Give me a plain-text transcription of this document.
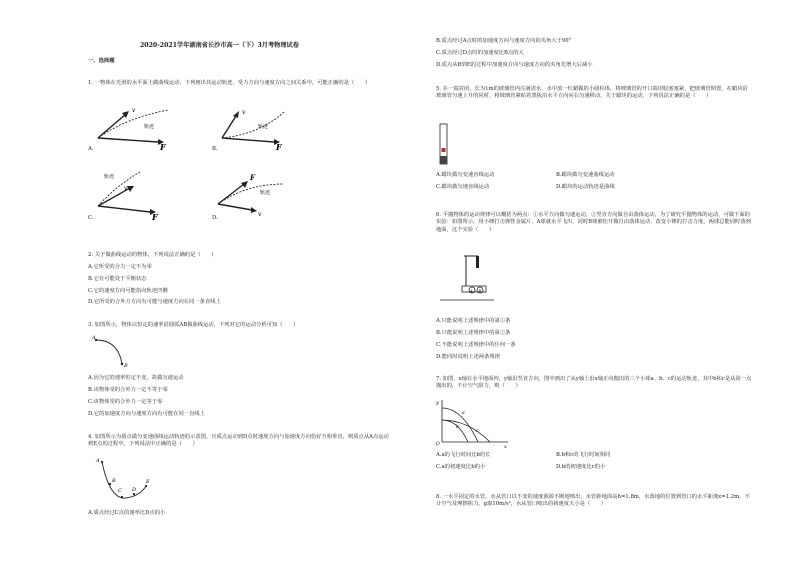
2020-2021学年湖南省长沙市高一（下）3月考物理试卷
一、选择题
1. 一物体在光滑的水平面上做曲线运动，下列画出其运动轨迹、受力方向与速度方向之间关系中，可能正确的是（　　）
v
轨迹
F
A.
v
轨迹
F
B.
轨迹
v
F
C.
F
轨迹
v
D.
2. 关于做曲线运动的物体，下列说法正确的是（　　）
A.它所受的合力一定不为零
B.它有可能处于平衡状态
C.它的速度方向可能指向轨迹凹侧
D.它所受的合外力方向有可能与速度方向在同一条直线上
3. 如图所示，物体以恒定的速率沿圆弧AB做曲线运动，下列对它的运动分析可知（　　）
A
B
A.因为它的速率恒定不变，故做匀速运动
B.该物体受的合外力一定不等于零
C.该物体受的合外力一定等于零
D.它的加速度方向与速度方向有可能在同一直线上
4. 如图所示为质点做匀变速曲线运动轨迹的示意图，且质点运动到D点时速度方向与加速度方向恰好互相垂直，则质点从A点运动到E点的过程中，下列说法中正确的是（　　）
A
B
C D
E
A.质点经过C点的速率比D点的小
B.质点经过A点时的加速度方向与速度方向的夹角大于90°
C.质点经过D点时的加速度比B点的大
D.质点从B到E的过程中加速度方向与速度方向的夹角先增大后减小
5. 在一端封闭、长为1m的玻璃管内注满清水，水中放一红蜡做的小圆柱体，将玻璃管的开口端用胶塞塞紧，把玻璃管倒置，在蜡块沿玻璃管匀速上升的同时，将玻璃管紧贴着黑板沿水平方向向右匀速移动，关于蜡块的运动，下列说法正确的是（　　）
A.蜡块做匀变速直线运动	B.蜡块做匀变速曲线运动
C.蜡块做匀速直线运动	D.蜡块的运动轨迹是曲线
6. 平抛物体的运动规律可以概括为两点：①水平方向做匀速运动，②竖直方向做自由落体运动，为了研究平抛物体的运动，可做下面的实验：如图所示，用小锤打击弹性金属片，A球就水平飞出，同时B球被松开做自由落体运动，改变小锤的打击力度，两球总能同时落到地面，这个实验（　　）
A B
A.只能说明上述规律中的第①条
B.只能说明上述规律中的第②条
C.不能说明上述规律中的任何一条
D.能同时说明上述两条规律
7. 如图，x轴在水平地面内，y轴沿竖直方向，图中画出了从y轴上沿x轴正向抛出的三个小球a、b、c的运动轨迹，其中b和c是从同一点抛出的，不计空气阻力，则（　　）
y
O	x
a
b
c
A.a的飞行时间比b的长	B.b和c的飞行时间相同
C.a的初速度比b的小	D.b的初速度比c的小
8. 一水平固定的水管，水从管口以不变的速度源源不断地喷出，水管距地面高h=1.8m，水落地的位置到管口的水平距离x=1.2m，不计空气及摩擦阻力，g取10m/s²，水从管口喷出的初速度大小是（　　）
